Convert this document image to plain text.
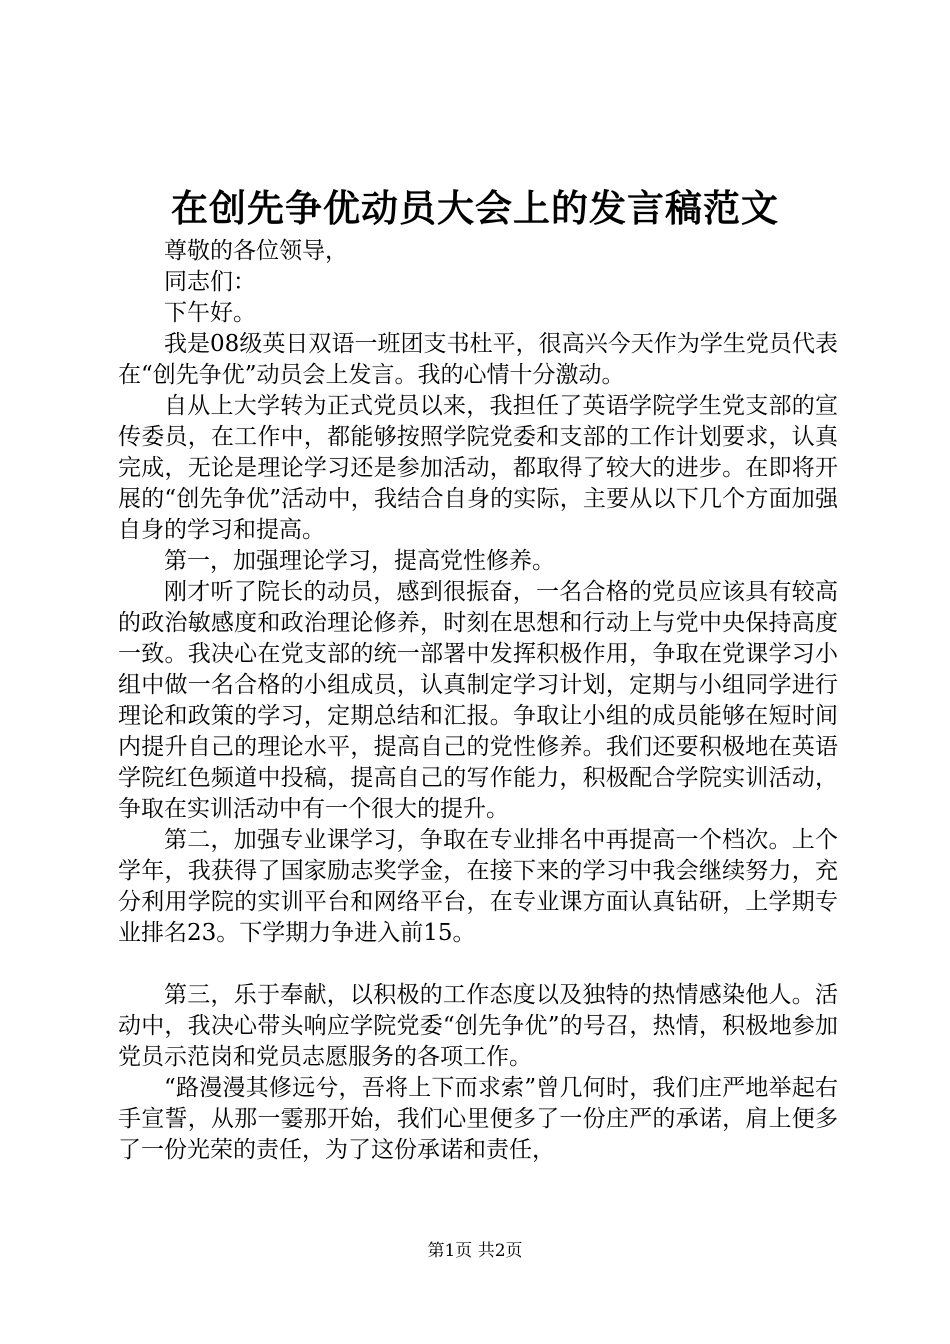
在创先争优动员大会上的发言稿范文

尊敬的各位领导，

同志们：

下午好。

我是08级英日双语一班团支书杜平，很高兴今天作为学生党员代表在“创先争优”动员会上发言。我的心情十分激动。

自从上大学转为正式党员以来，我担任了英语学院学生党支部的宣传委员，在工作中，都能够按照学院党委和支部的工作计划要求，认真完成，无论是理论学习还是参加活动，都取得了较大的进步。在即将开展的“创先争优”活动中，我结合自身的实际，主要从以下几个方面加强自身的学习和提高。

第一，加强理论学习，提高党性修养。

刚才听了院长的动员，感到很振奋，一名合格的党员应该具有较高的政治敏感度和政治理论修养，时刻在思想和行动上与党中央保持高度一致。我决心在党支部的统一部署中发挥积极作用，争取在党课学习小组中做一名合格的小组成员，认真制定学习计划，定期与小组同学进行理论和政策的学习，定期总结和汇报。争取让小组的成员能够在短时间内提升自己的理论水平，提高自己的党性修养。我们还要积极地在英语学院红色频道中投稿，提高自己的写作能力，积极配合学院实训活动，争取在实训活动中有一个很大的提升。

第二，加强专业课学习，争取在专业排名中再提高一个档次。上个学年，我获得了国家励志奖学金，在接下来的学习中我会继续努力，充分利用学院的实训平台和网络平台，在专业课方面认真钻研，上学期专业排名23。下学期力争进入前15。

第三，乐于奉献，以积极的工作态度以及独特的热情感染他人。活动中，我决心带头响应学院党委“创先争优”的号召，热情，积极地参加党员示范岗和党员志愿服务的各项工作。

“路漫漫其修远兮，吾将上下而求索”曾几何时，我们庄严地举起右手宣誓，从那一霎那开始，我们心里便多了一份庄严的承诺，肩上便多了一份光荣的责任，为了这份承诺和责任，

第1页 共2页
